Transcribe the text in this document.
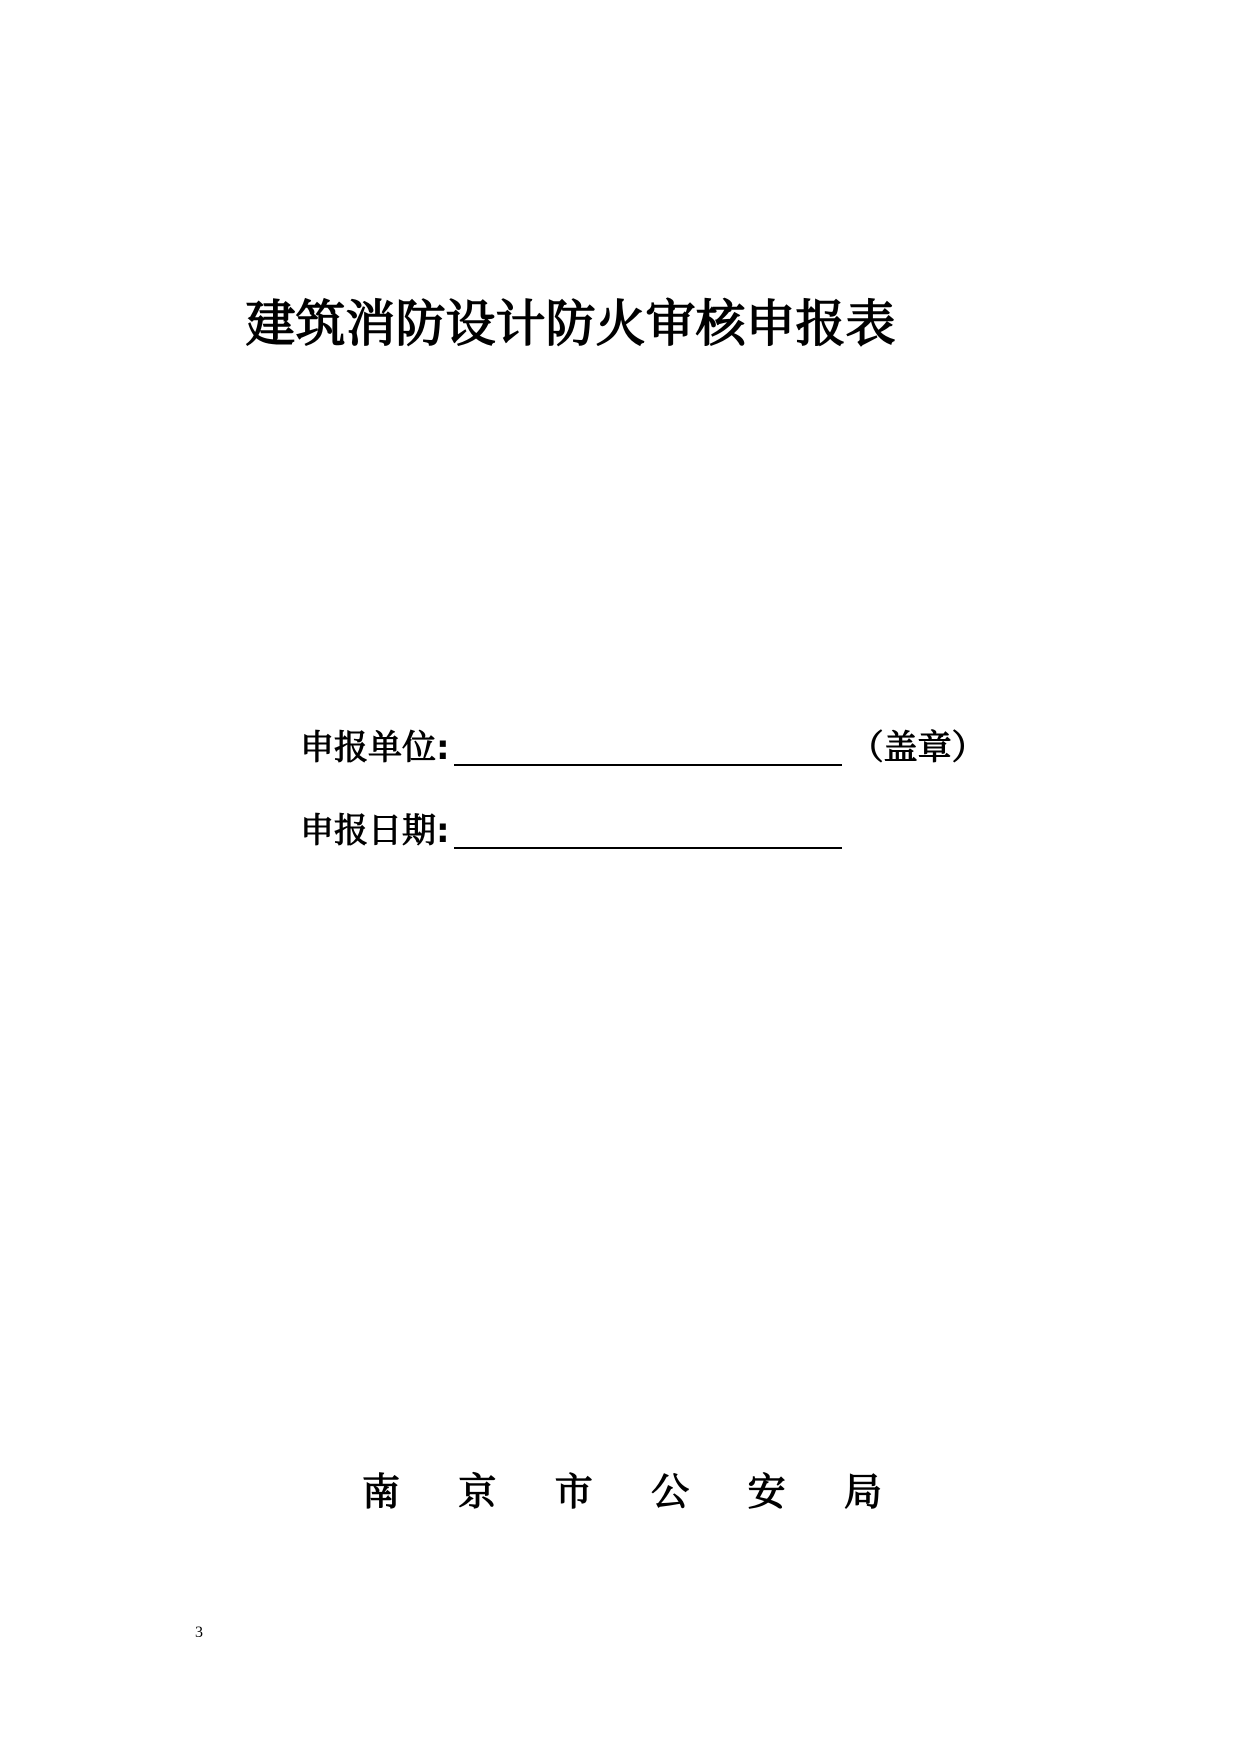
建筑消防设计防火审核申报表
申报单位 :	（盖章）
申报日期 :
南 京 市 公 安 局
3
